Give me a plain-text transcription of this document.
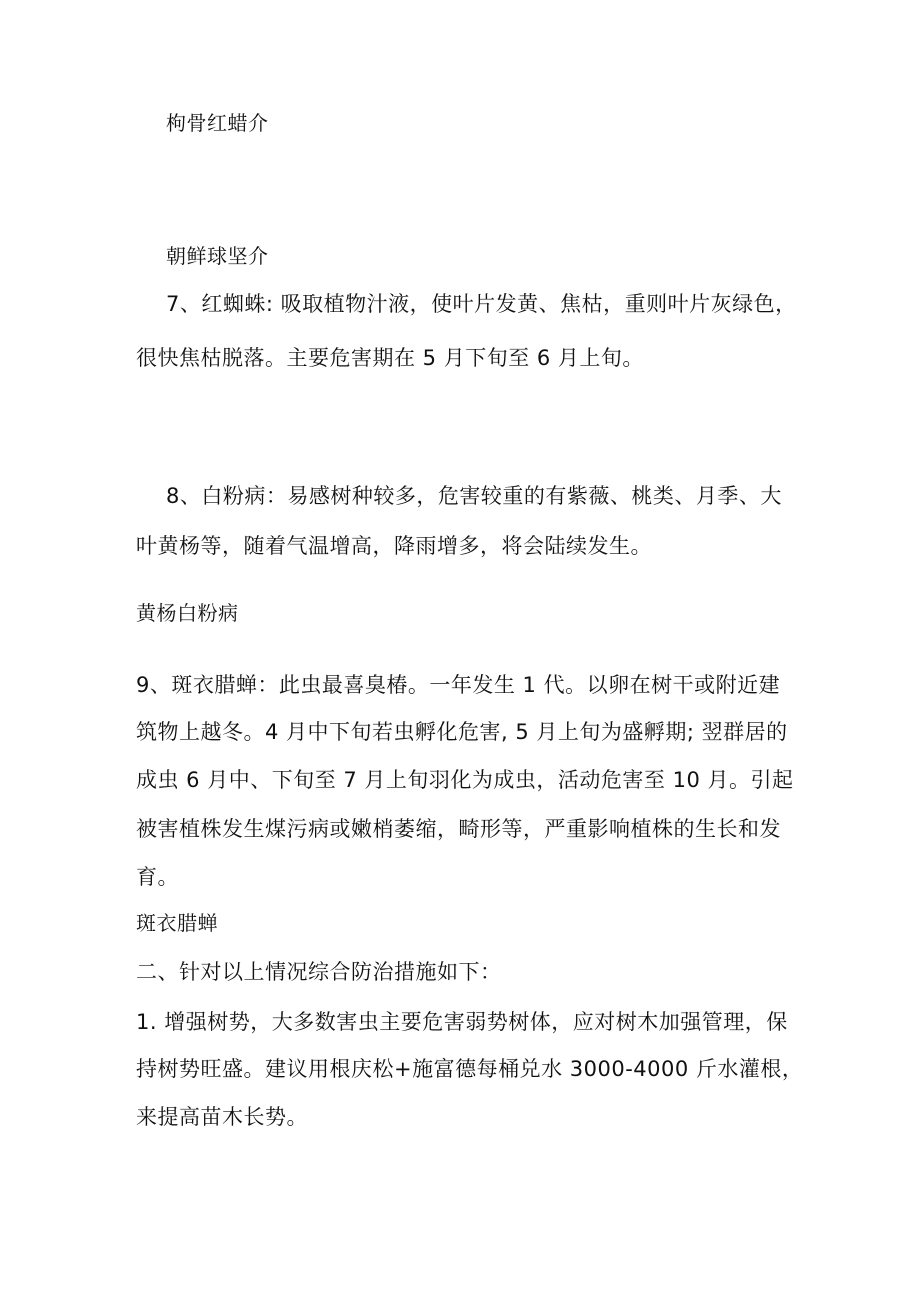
枸骨红蜡介
朝鲜球坚介
7、红蜘蛛: 吸取植物汁液，使叶片发黄、焦枯，重则叶片灰绿色，
很快焦枯脱落。主要危害期在 5 月下旬至 6 月上旬。
8、白粉病：易感树种较多，危害较重的有紫薇、桃类、月季、大
叶黄杨等，随着气温增高，降雨增多，将会陆续发生。
黄杨白粉病
9、斑衣腊蝉：此虫最喜臭椿。一年发生 1 代。以卵在树干或附近建
筑物上越冬。4 月中下旬若虫孵化危害, 5 月上旬为盛孵期; 翌群居的
成虫 6 月中、下旬至 7 月上旬羽化为成虫，活动危害至 10 月。引起
被害植株发生煤污病或嫩梢萎缩，畸形等，严重影响植株的生长和发
育。
斑衣腊蝉
二、针对以上情况综合防治措施如下：
1. 增强树势，大多数害虫主要危害弱势树体，应对树木加强管理，保
持树势旺盛。建议用根庆松+施富德每桶兑水 3000-4000 斤水灌根，
来提高苗木长势。
